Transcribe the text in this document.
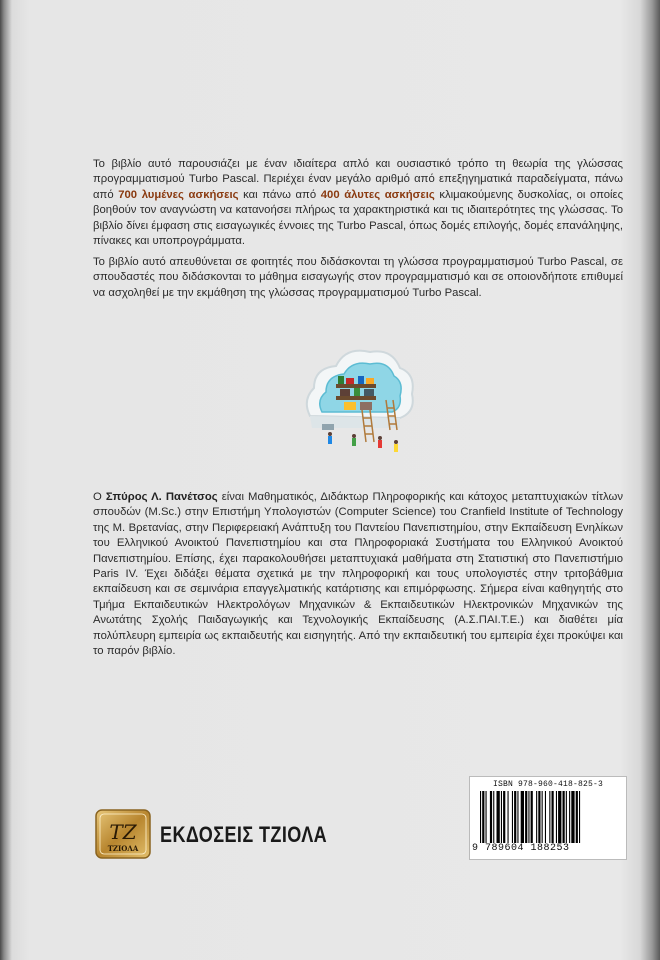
Το βιβλίο αυτό παρουσιάζει με έναν ιδιαίτερα απλό και ουσιαστικό τρόπο τη θεωρία της γλώσσας προγραμματισμού Turbo Pascal. Περιέχει έναν μεγάλο αριθμό από επεξηγηματικά παραδείγματα, πάνω από 700 λυμένες ασκήσεις και πάνω από 400 άλυτες ασκήσεις κλιμακούμενης δυσκολίας, οι οποίες βοηθούν τον αναγνώστη να κατανοήσει πλήρως τα χαρακτηριστικά και τις ιδιαιτερότητες της γλώσσας. Το βιβλίο δίνει έμφαση στις εισαγωγικές έννοιες της Turbo Pascal, όπως δομές επιλογής, δομές επανάληψης, πίνακες και υποπρογράμματα.

Το βιβλίο αυτό απευθύνεται σε φοιτητές που διδάσκονται τη γλώσσα προγραμματισμού Turbo Pascal, σε σπουδαστές που διδάσκονται το μάθημα εισαγωγής στον προγραμματισμό και σε οποιονδήποτε επιθυμεί να ασχοληθεί με την εκμάθηση της γλώσσας προγραμματισμού Turbo Pascal.

Ο Σπύρος Λ. Πανέτσος είναι Μαθηματικός, Διδάκτωρ Πληροφορικής και κάτοχος μεταπτυχιακών τίτλων σπουδών (M.Sc.) στην Επιστήμη Υπολογιστών (Computer Science) του Cranfield Institute of Technology της Μ. Βρετανίας, στην Περιφερειακή Ανάπτυξη του Παντείου Πανεπιστημίου, στην Εκπαίδευση Ενηλίκων του Ελληνικού Ανοικτού Πανεπιστημίου και στα Πληροφοριακά Συστήματα του Ελληνικού Ανοικτού Πανεπιστημίου. Επίσης, έχει παρακολουθήσει μεταπτυχιακά μαθήματα στη Στατιστική στο Πανεπιστήμιο Paris IV. Έχει διδάξει θέματα σχετικά με την πληροφορική και τους υπολογιστές στην τριτοβάθμια εκπαίδευση και σε σεμινάρια επαγγελματικής κατάρτισης και επιμόρφωσης. Σήμερα είναι καθηγητής στο Τμήμα Εκπαιδευτικών Ηλεκτρολόγων Μηχανικών & Εκπαιδευτικών Ηλεκτρονικών Μηχανικών της Ανωτάτης Σχολής Παιδαγωγικής και Τεχνολογικής Εκπαίδευσης (Α.Σ.ΠΑΙ.Τ.Ε.) και διαθέτει μία πολύπλευρη εμπειρία ως εκπαιδευτής και εισηγητής. Από την εκπαιδευτική του εμπειρία έχει προκύψει και το παρόν βιβλίο.

ISBN 978-960-418-825-3
9 789604 188253
ΤΖ
ΤΖΙΟΛΑ
ΕΚΔΟΣΕΙΣ ΤΖΙΟΛΑ
